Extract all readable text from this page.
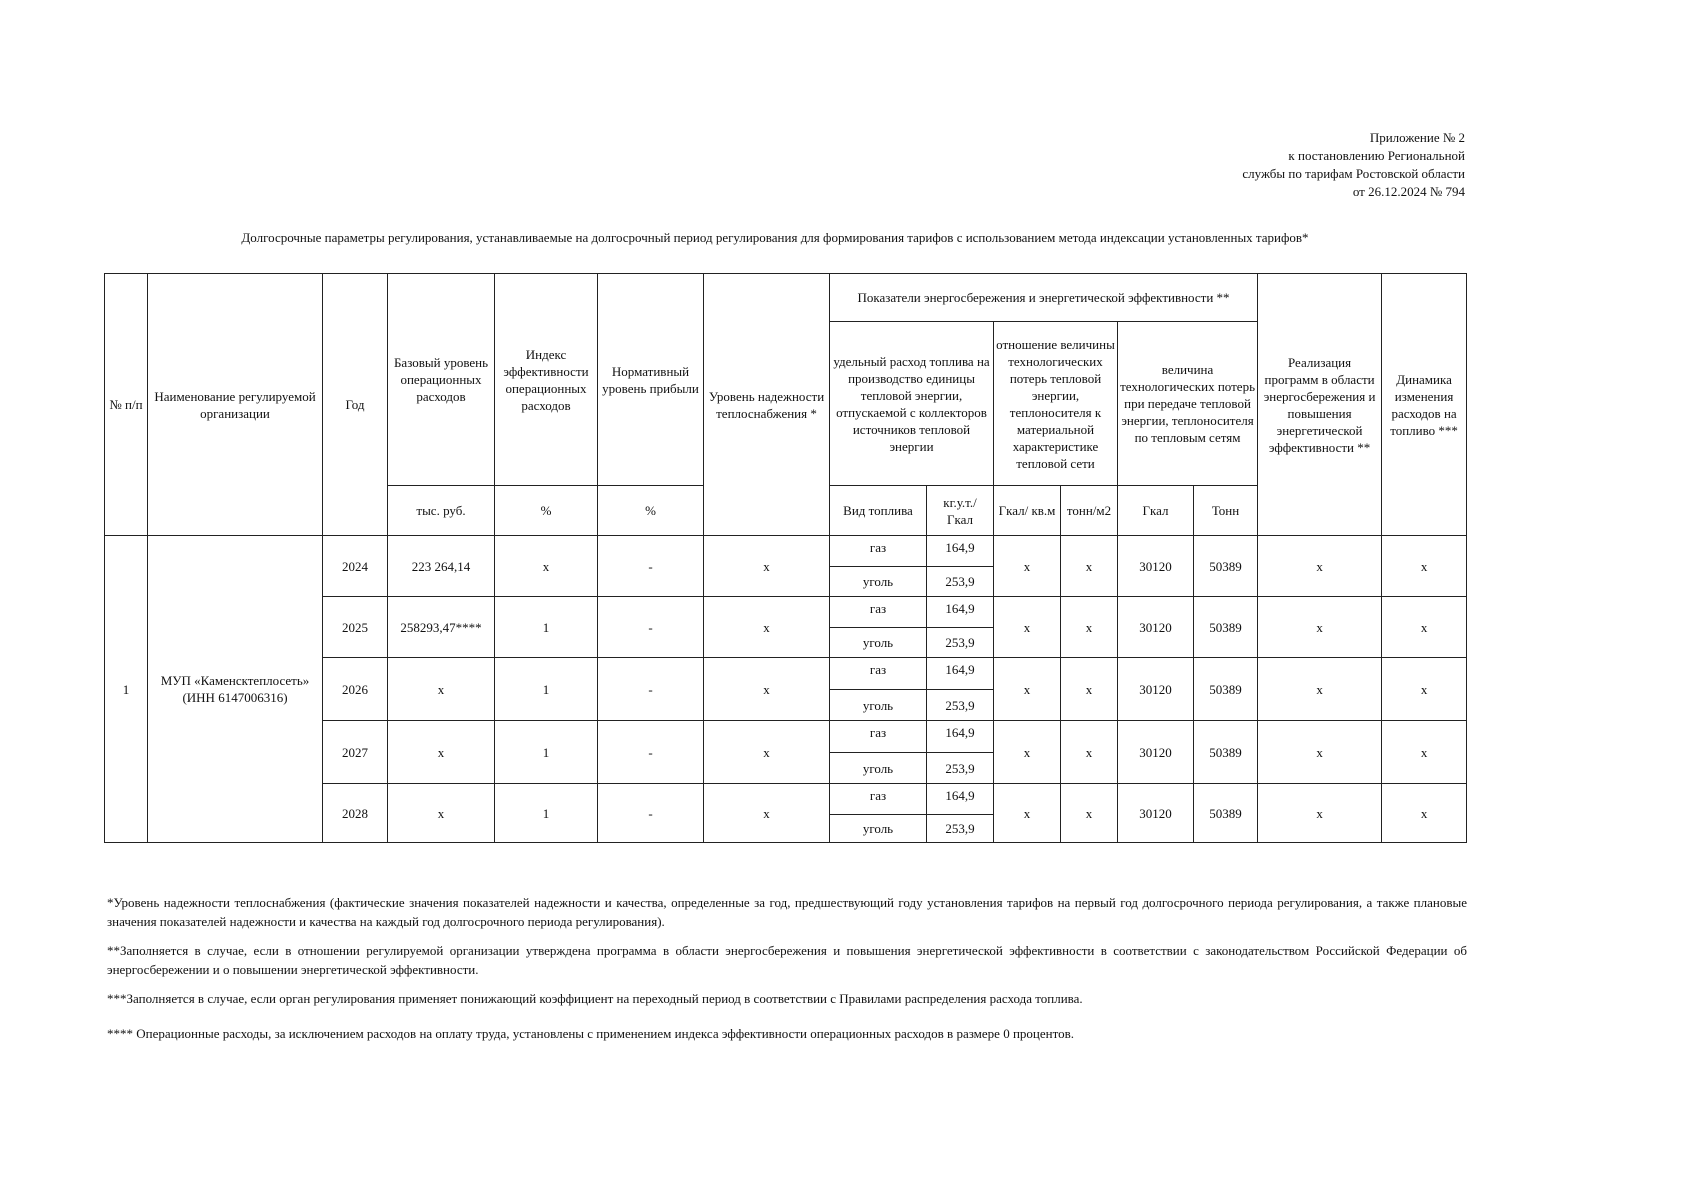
Приложение № 2
к постановлению Региональной
службы по тарифам Ростовской области
от 26.12.2024 № 794
Долгосрочные параметры регулирования, устанавливаемые на долгосрочный период регулирования для формирования тарифов с использованием метода индексации установленных тарифов*
№ п/п	Наименование регулируемой организации	Год	Базовый уровень операционных расходов	Индекс эффективности операционных расходов	Нормативный уровень прибыли	Уровень надежности теплоснабжения *	Показатели энергосбережения и энергетической эффективности **						Реализация программ в области энергосбережения и повышения энергетической эффективности **	Динамика изменения расходов на топливо ***
							удельный расход топлива на производство единицы тепловой энергии, отпускаемой с коллекторов источников тепловой энергии		отношение величины технологических потерь тепловой энергии, теплоносителя к материальной характеристике тепловой сети		величина технологических потерь при передаче тепловой энергии, теплоносителя по тепловым сетям			
			тыс. руб.	%	%		Вид топлива	кг.у.т./ Гкал	Гкал/ кв.м	тонн/м2	Гкал	Тонн		
1	МУП «Каменсктеплосеть» (ИНН 6147006316)	2024	223 264,14	х	-	х	газ	164,9	х	х	30120	50389	х	х
							уголь	253,9						
		2025	258293,47****	1	-	х	газ	164,9	х	х	30120	50389	х	х
							уголь	253,9						
		2026	х	1	-	х	газ	164,9	х	х	30120	50389	х	х
							уголь	253,9						
		2027	х	1	-	х	газ	164,9	х	х	30120	50389	х	х
							уголь	253,9						
		2028	х	1	-	х	газ	164,9	х	х	30120	50389	х	х
							уголь	253,9						

*Уровень надежности теплоснабжения (фактические значения показателей надежности и качества, определенные за год, предшествующий году установления тарифов на первый год долгосрочного периода регулирования, а также плановые значения показателей надежности и качества на каждый год долгосрочного периода регулирования).

**Заполняется в случае, если в отношении регулируемой организации утверждена программа в области энергосбережения и повышения энергетической эффективности в соответствии с законодательством Российской Федерации об энергосбережении и о повышении энергетической эффективности.

***Заполняется в случае, если орган регулирования применяет понижающий коэффициент на переходный период в соответствии с Правилами распределения расхода топлива.

**** Операционные расходы, за исключением расходов на оплату труда, установлены с применением индекса эффективности операционных расходов в размере 0 процентов.
